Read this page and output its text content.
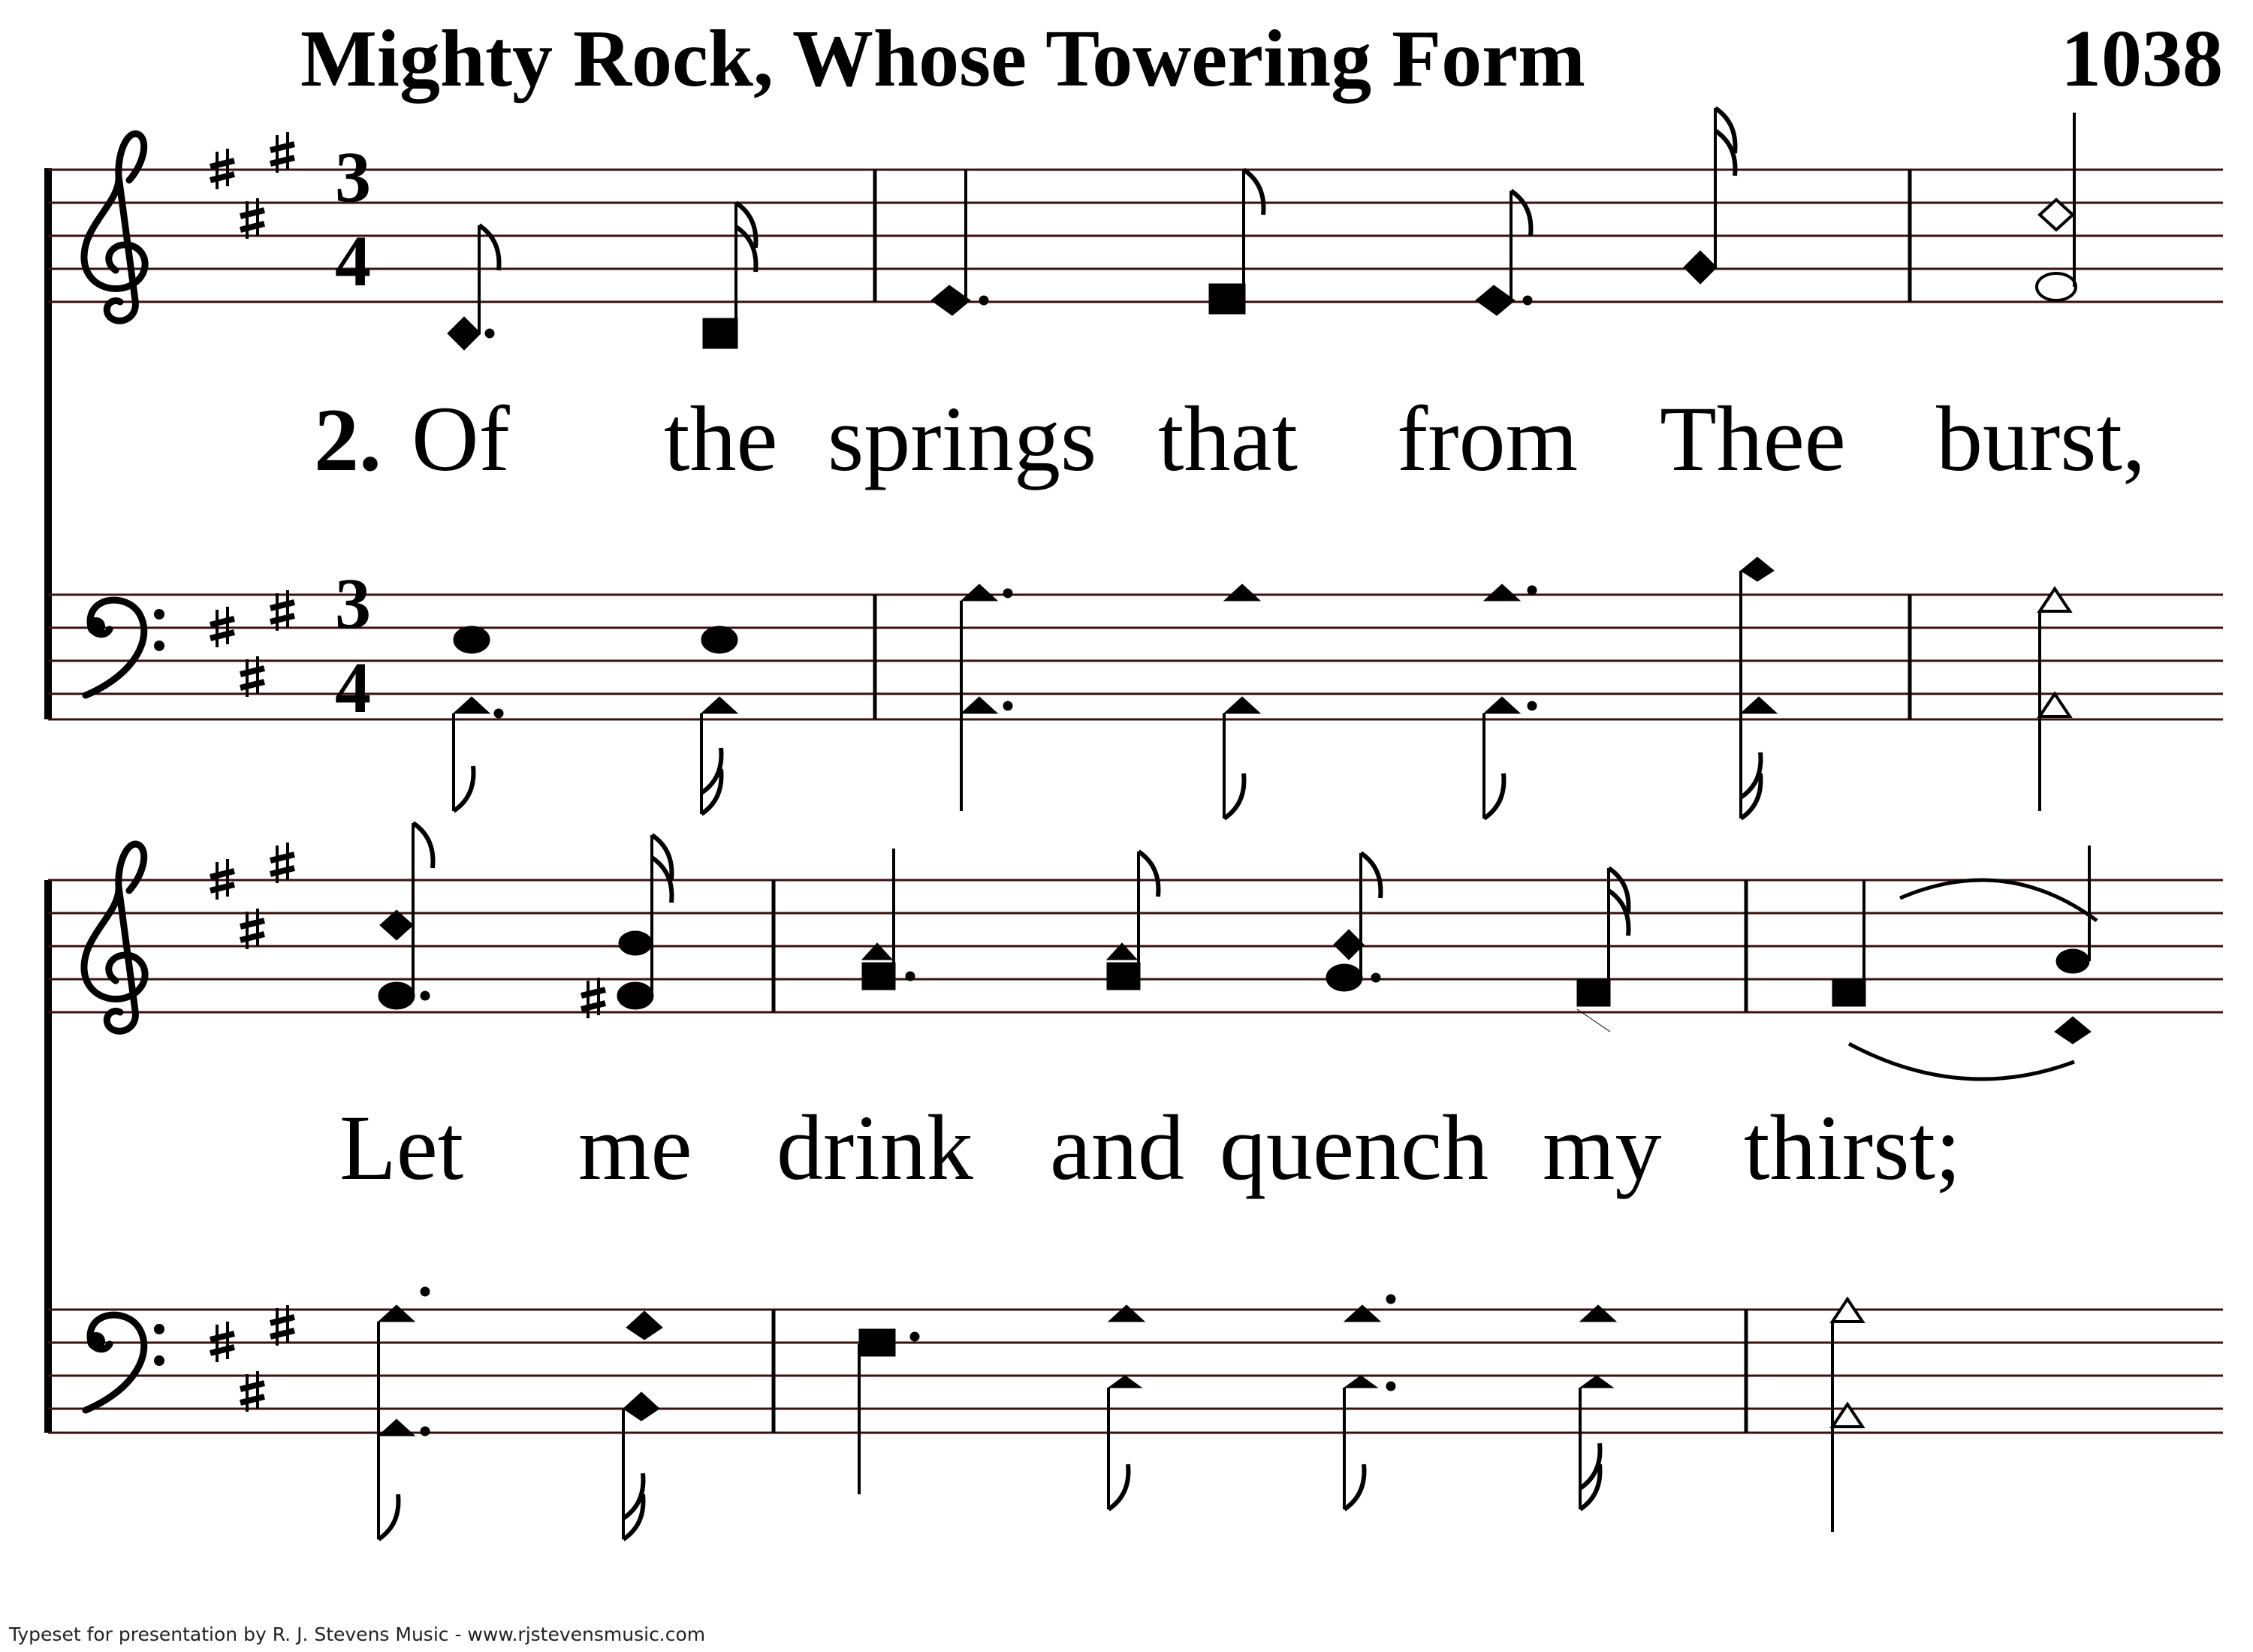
Mighty Rock, Whose Towering Form	1038
3
4
3
4
2. Of the springs that from Thee burst,
Let me drink and quench my thirst;
Typeset for presentation by R. J. Stevens Music - www.rjstevensmusic.com
